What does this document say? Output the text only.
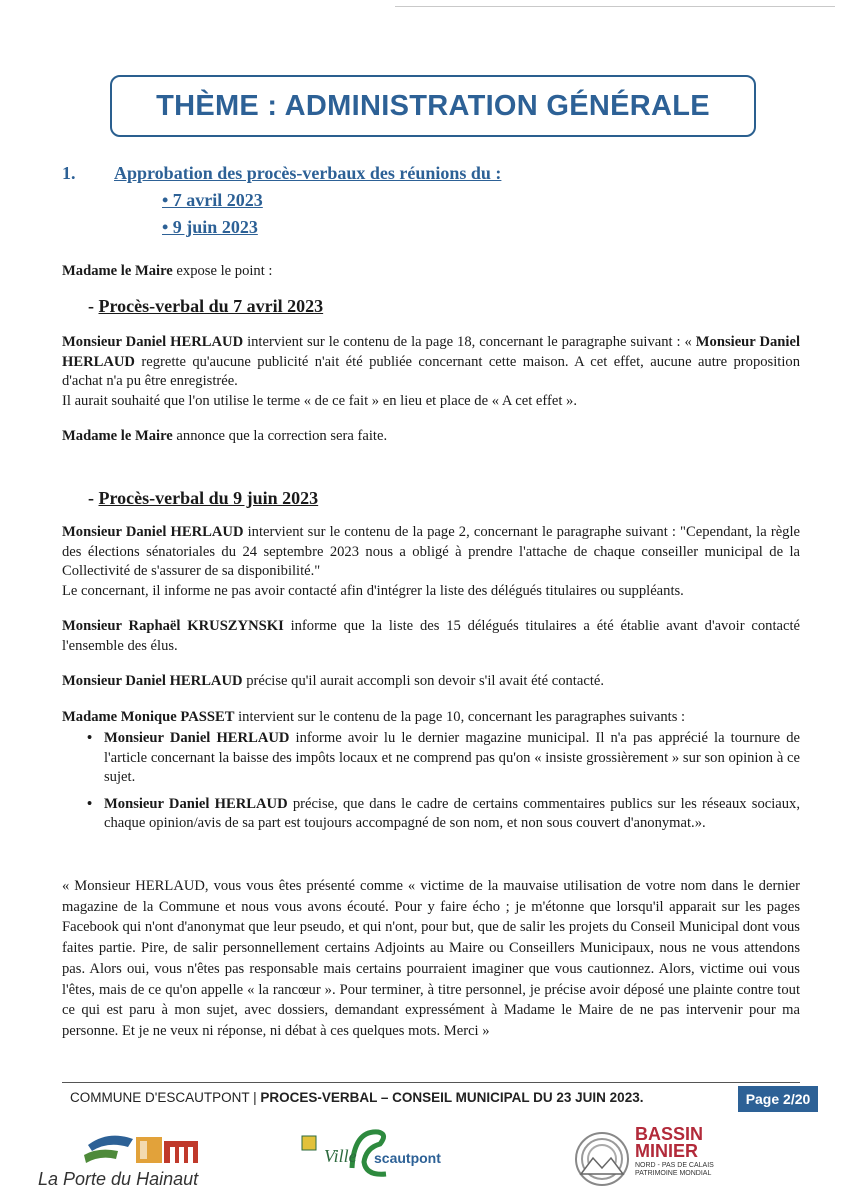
THÈME : ADMINISTRATION GÉNÉRALE
1. Approbation des procès-verbaux des réunions du :
• 7 avril 2023
• 9 juin 2023
Madame le Maire expose le point :
- Procès-verbal du 7 avril 2023
Monsieur Daniel HERLAUD intervient sur le contenu de la page 18, concernant le paragraphe suivant : « Monsieur Daniel HERLAUD regrette qu'aucune publicité n'ait été publiée concernant cette maison. A cet effet, aucune autre proposition d'achat n'a pu être enregistrée.
Il aurait souhaité que l'on utilise le terme « de ce fait » en lieu et place de « A cet effet ».
Madame le Maire annonce que la correction sera faite.
- Procès-verbal du 9 juin 2023
Monsieur Daniel HERLAUD intervient sur le contenu de la page 2, concernant le paragraphe suivant : "Cependant, la règle des élections sénatoriales du 24 septembre 2023 nous a obligé à prendre l'attache de chaque conseiller municipal de la Collectivité de s'assurer de sa disponibilité."
Le concernant, il informe ne pas avoir contacté afin d'intégrer la liste des délégués titulaires ou suppléants.
Monsieur Raphaël KRUSZYNSKI informe que la liste des 15 délégués titulaires a été établie avant d'avoir contacté l'ensemble des élus.
Monsieur Daniel HERLAUD précise qu'il aurait accompli son devoir s'il avait été contacté.
Madame Monique PASSET intervient sur le contenu de la page 10, concernant les paragraphes suivants :
• Monsieur Daniel HERLAUD informe avoir lu le dernier magazine municipal. Il n'a pas apprécié la tournure de l'article concernant la baisse des impôts locaux et ne comprend pas qu'on « insiste grossièrement » sur son opinion à ce sujet.
• Monsieur Daniel HERLAUD précise, que dans le cadre de certains commentaires publics sur les réseaux sociaux, chaque opinion/avis de sa part est toujours accompagné de son nom, et non sous couvert d'anonymat.».
« Monsieur HERLAUD, vous vous êtes présenté comme « victime de la mauvaise utilisation de votre nom dans le dernier magazine de la Commune et nous vous avons écouté. Pour y faire écho ; je m'étonne que lorsqu'il apparait sur les pages Facebook qui n'ont d'anonymat que leur pseudo, et qui n'ont, pour but, que de salir les projets du Conseil Municipal dont vous faites partie. Pire, de salir personnellement certains Adjoints au Maire ou Conseillers Municipaux, nous ne vous attendons pas. Alors oui, vous n'êtes pas responsable mais certains pourraient imaginer que vous cautionnez. Alors, victime oui vous l'êtes, mais de ce qu'on appelle « la rancœur ». Pour terminer, à titre personnel, je précise avoir déposé une plainte contre tout ce qui est paru à mon sujet, avec dossiers, demandant expressément à Madame le Maire de ne pas intervenir pour ma personne. Et je ne veux ni réponse, ni débat à ces quelques mots. Merci »
COMMUNE D'ESCAUTPONT | PROCES-VERBAL – CONSEIL MUNICIPAL DU 23 JUIN 2023.	Page 2/20
La Porte du Hainaut
Ville scautpont
BASSIN
MINIER
NORD - PAS DE CALAIS
PATRIMOINE MONDIAL
